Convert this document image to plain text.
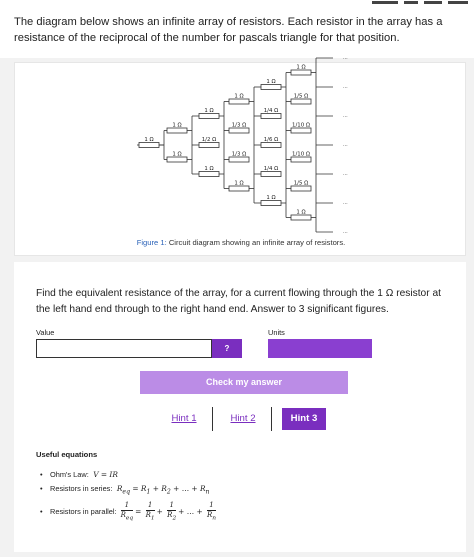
The diagram below shows an infinite array of resistors. Each resistor in the array has a resistance of the reciprocal of the number for pascals triangle for that position.

...
...
...
...
...
...
...
1 Ω
1 Ω
1 Ω
1 Ω
1/2 Ω
1 Ω
1 Ω
1/3 Ω
1/3 Ω
1 Ω
1 Ω
1/4 Ω
1/6 Ω
1/4 Ω
1 Ω
1 Ω
1/5 Ω
1/10 Ω
1/10 Ω
1/5 Ω
1 Ω
Figure 1: Circuit diagram showing an infinite array of resistors.

Find the equivalent resistance of the array, for a current flowing through the 1 Ω resistor at the left hand end through to the right hand end. Answer to 3 significant figures.

Value	Units
?
Check my answer
Hint 1	Hint 2	Hint 3
Useful equations
• Ohm's Law:  V = IR
• Resistors in series:  $R_{eq} = R_1 + R_2$ + … + $R_n$
• Resistors in parallel: $\frac{1}{R_{eq}} = \frac{1}{R_1} + \frac{1}{R_2}$ + … + $\frac{1}{R_n}$
